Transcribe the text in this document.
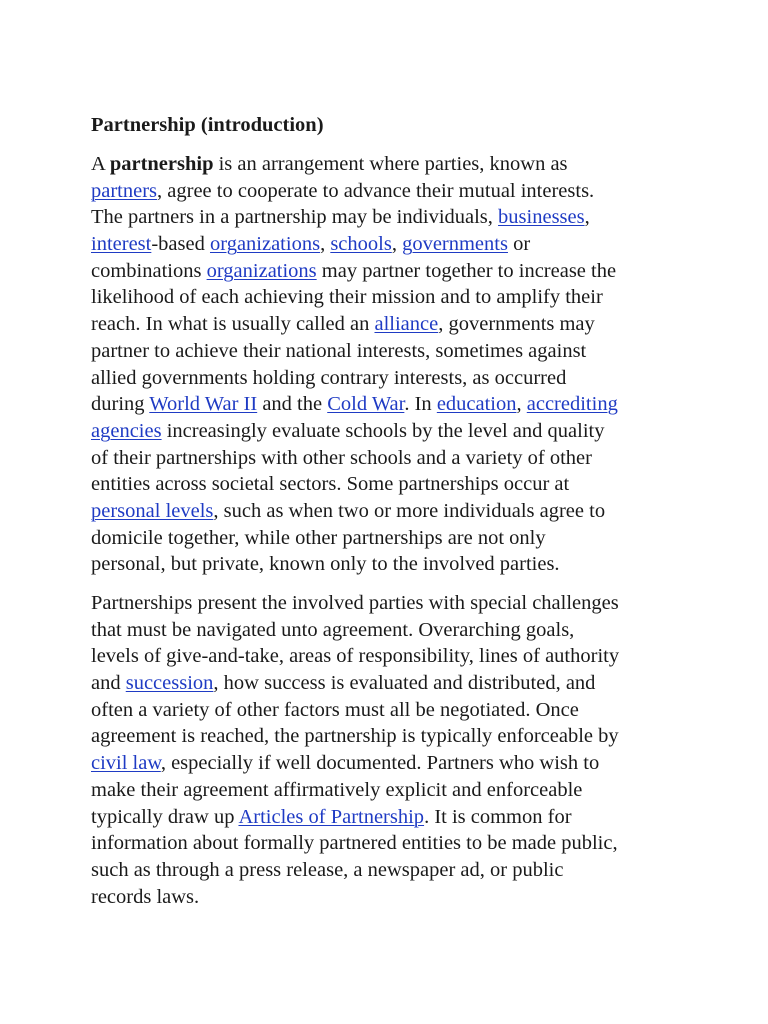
Partnership (introduction)
A partnership is an arrangement where parties, known as
partners, agree to cooperate to advance their mutual interests.
The partners in a partnership may be individuals, businesses,
interest-based organizations, schools, governments or
combinations organizations may partner together to increase the
likelihood of each achieving their mission and to amplify their
reach. In what is usually called an alliance, governments may
partner to achieve their national interests, sometimes against
allied governments holding contrary interests, as occurred
during World War II and the Cold War. In education, accrediting
agencies increasingly evaluate schools by the level and quality
of their partnerships with other schools and a variety of other
entities across societal sectors. Some partnerships occur at
personal levels, such as when two or more individuals agree to
domicile together, while other partnerships are not only
personal, but private, known only to the involved parties.
Partnerships present the involved parties with special challenges
that must be navigated unto agreement. Overarching goals,
levels of give-and-take, areas of responsibility, lines of authority
and succession, how success is evaluated and distributed, and
often a variety of other factors must all be negotiated. Once
agreement is reached, the partnership is typically enforceable by
civil law, especially if well documented. Partners who wish to
make their agreement affirmatively explicit and enforceable
typically draw up Articles of Partnership. It is common for
information about formally partnered entities to be made public,
such as through a press release, a newspaper ad, or public
records laws.
